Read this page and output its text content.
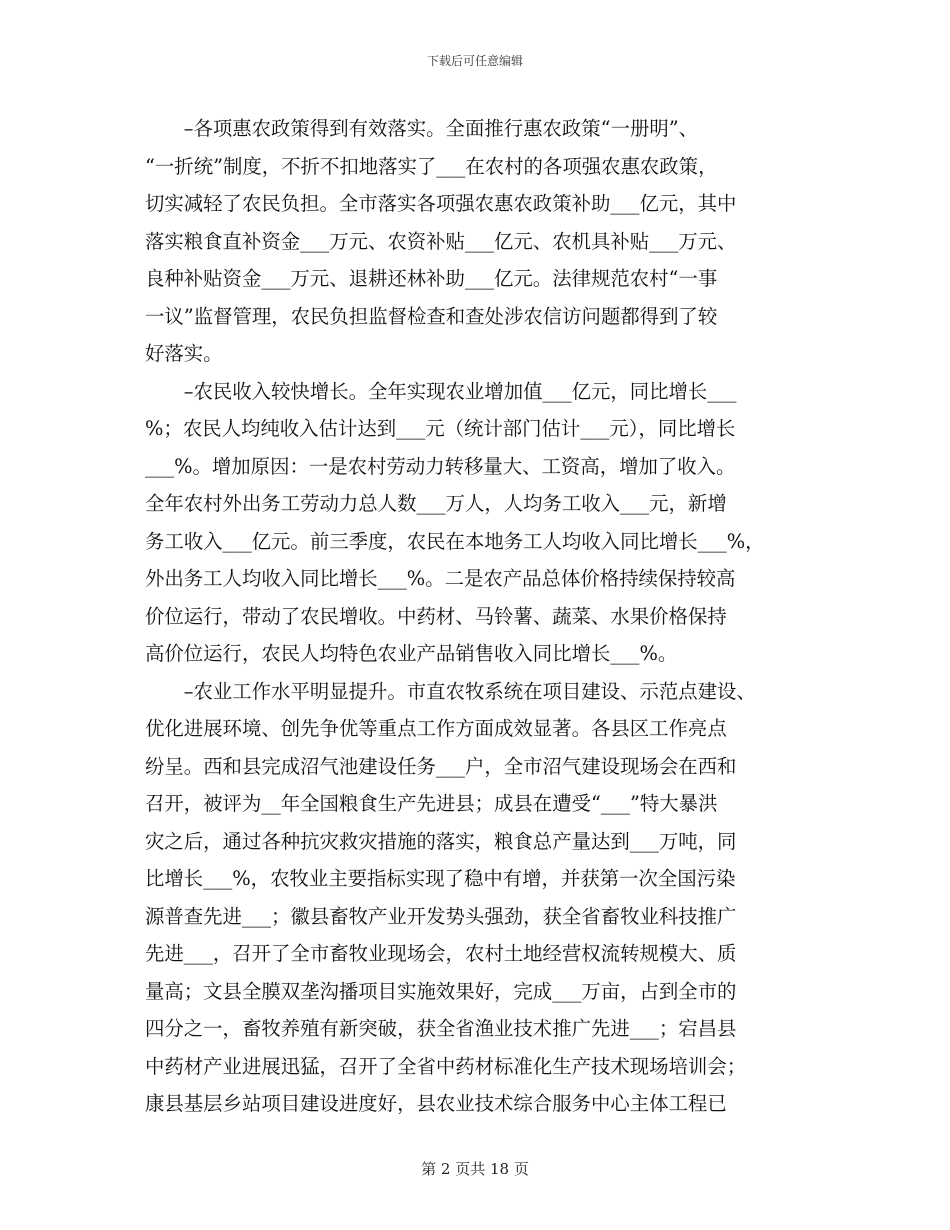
下载后可任意编辑
　　–各项惠农政策得到有效落实。全面推行惠农政策“一册明”、
“一折统”制度，不折不扣地落实了___在农村的各项强农惠农政策，
切实减轻了农民负担。全市落实各项强农惠农政策补助___亿元，其中
落实粮食直补资金___万元、农资补贴___亿元、农机具补贴___万元、
良种补贴资金___万元、退耕还林补助___亿元。法律规范农村“一事
一议”监督管理，农民负担监督检查和查处涉农信访问题都得到了较
好落实。
　　–农民收入较快增长。全年实现农业增加值___亿元，同比增长___
%；农民人均纯收入估计达到___元（统计部门估计___元），同比增长
___%。增加原因：一是农村劳动力转移量大、工资高，增加了收入。
全年农村外出务工劳动力总人数___万人，人均务工收入___元，新增
务工收入___亿元。前三季度，农民在本地务工人均收入同比增长___%，
外出务工人均收入同比增长___%。二是农产品总体价格持续保持较高
价位运行，带动了农民增收。中药材、马铃薯、蔬菜、水果价格保持
高价位运行，农民人均特色农业产品销售收入同比增长___%。
　　–农业工作水平明显提升。市直农牧系统在项目建设、示范点建设、
优化进展环境、创先争优等重点工作方面成效显著。各县区工作亮点
纷呈。西和县完成沼气池建设任务___户，全市沼气建设现场会在西和
召开，被评为__年全国粮食生产先进县；成县在遭受“___”特大暴洪
灾之后，通过各种抗灾救灾措施的落实，粮食总产量达到___万吨，同
比增长___%，农牧业主要指标实现了稳中有增，并获第一次全国污染
源普查先进___；徽县畜牧产业开发势头强劲，获全省畜牧业科技推广
先进___，召开了全市畜牧业现场会，农村土地经营权流转规模大、质
量高；文县全膜双垄沟播项目实施效果好，完成___万亩，占到全市的
四分之一，畜牧养殖有新突破，获全省渔业技术推广先进___；宕昌县
中药材产业进展迅猛，召开了全省中药材标准化生产技术现场培训会；
康县基层乡站项目建设进度好，县农业技术综合服务中心主体工程已
第 2 页共 18 页
